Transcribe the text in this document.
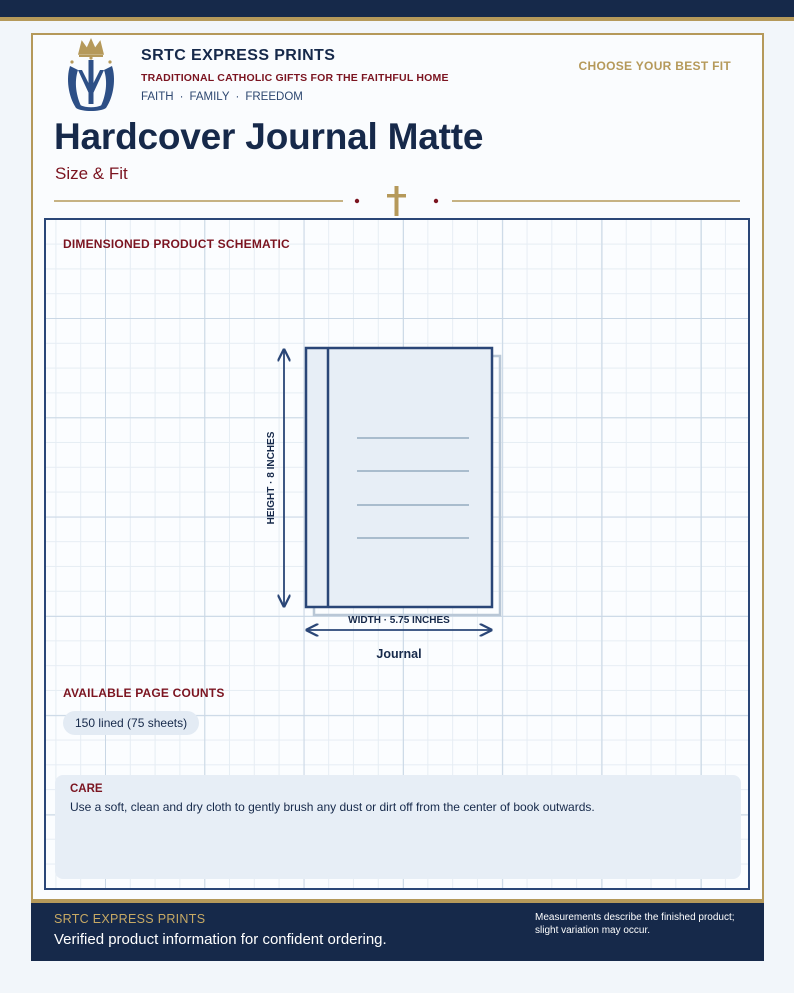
SRTC EXPRESS PRINTS
TRADITIONAL CATHOLIC GIFTS FOR THE FAITHFUL HOME
FAITH · FAMILY · FREEDOM
CHOOSE YOUR BEST FIT
Hardcover Journal Matte
Size & Fit
DIMENSIONED PRODUCT SCHEMATIC
HEIGHT · 8 INCHES
WIDTH · 5.75 INCHES
Journal
AVAILABLE PAGE COUNTS
150 lined (75 sheets)
CARE
Use a soft, clean and dry cloth to gently brush any dust or dirt off from the center of book outwards.
SRTC EXPRESS PRINTS
Verified product information for confident ordering.
Measurements describe the finished product; slight variation may occur.
